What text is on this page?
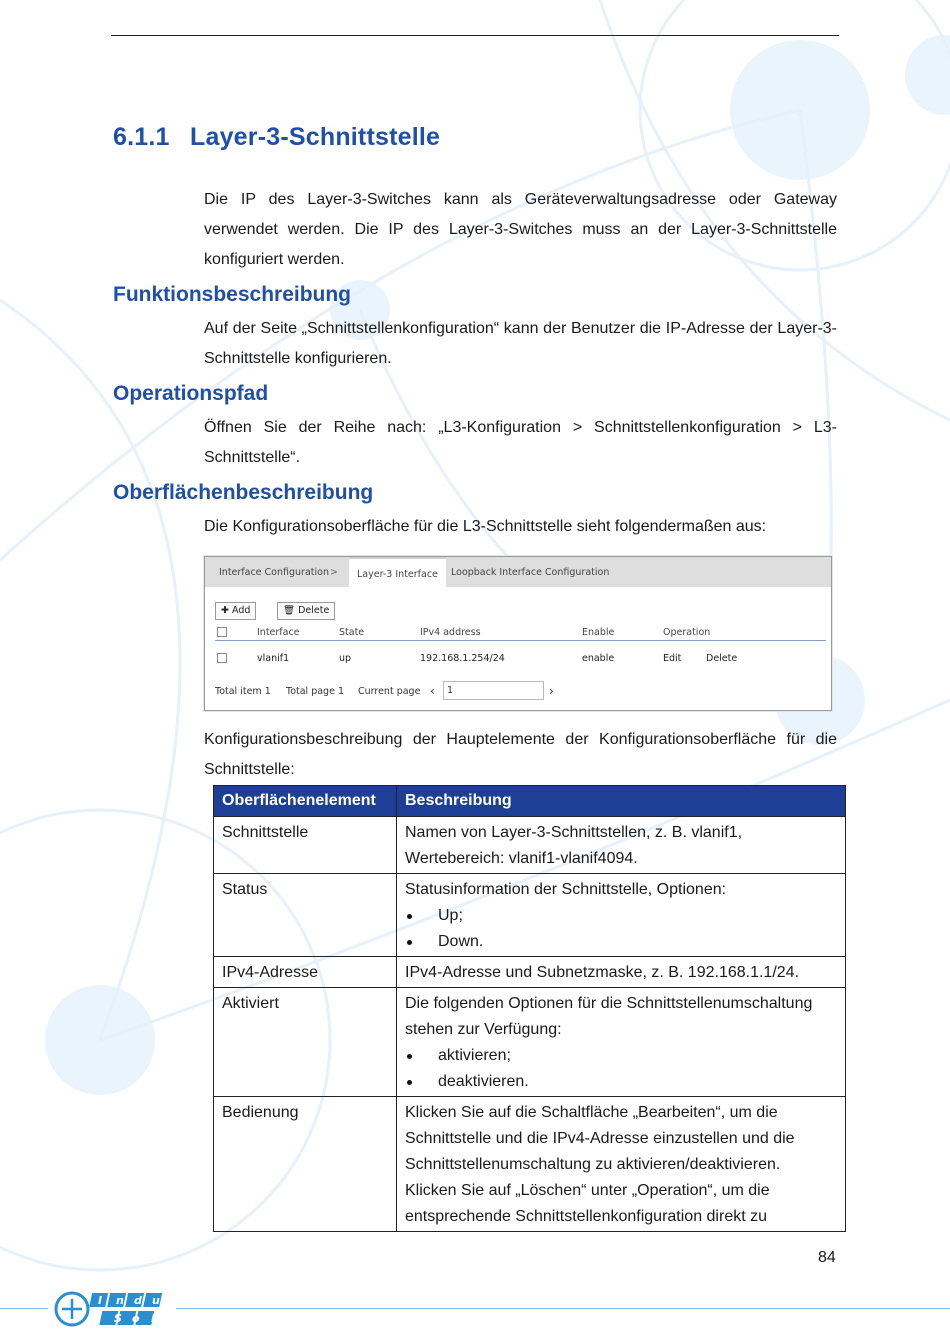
6.1.1 Layer-3-Schnittstelle
Die IP des Layer-3-Switches kann als Geräteverwaltungsadresse oder Gateway verwendet werden. Die IP des Layer-3-Switches muss an der Layer-3-Schnittstelle konfiguriert werden.
Funktionsbeschreibung
Auf der Seite „Schnittstellenkonfiguration“ kann der Benutzer die IP-Adresse der Layer-3-Schnittstelle konfigurieren.
Operationspfad
Öffnen Sie der Reihe nach: „L3-Konfiguration > Schnittstellenkonfiguration > L3-Schnittstelle“.
Oberflächenbeschreibung
Die Konfigurationsoberfläche für die L3-Schnittstelle sieht folgendermaßen aus:
Interface Configuration >	Layer-3 Interface	Loopback Interface Configuration
✚ Add	🗑 Delete
Interface	State	IPv4 address	Enable	Operation
vlanif1	up	192.168.1.254/24	enable	Edit	Delete
Total item 1 Total page 1 Current page ‹	1	›
Konfigurationsbeschreibung der Hauptelemente der Konfigurationsoberfläche für die Schnittstelle:
Oberflächenelement	Beschreibung
Schnittstelle	Namen von Layer-3-Schnittstellen, z. B. vlanif1,
Wertebereich: vlanif1-vlanif4094.

Status	Statusinformation der Schnittstelle, Optionen:
Up;
Down.

IPv4-Adresse	IPv4-Adresse und Subnetzmaske, z. B. 192.168.1.1/24.

Aktiviert	Die folgenden Optionen für die Schnittstellenumschaltung
stehen zur Verfügung:
aktivieren;
deaktivieren.

Bedienung	Klicken Sie auf die Schaltfläche „Bearbeiten“, um die
Schnittstelle und die IPv4-Adresse einzustellen und die
Schnittstellenumschaltung zu aktivieren/deaktivieren.
Klicken Sie auf „Löschen“ unter „Operation“, um die
entsprechende Schnittstellenkonfiguration direkt zu
84
I n d u
S o l
